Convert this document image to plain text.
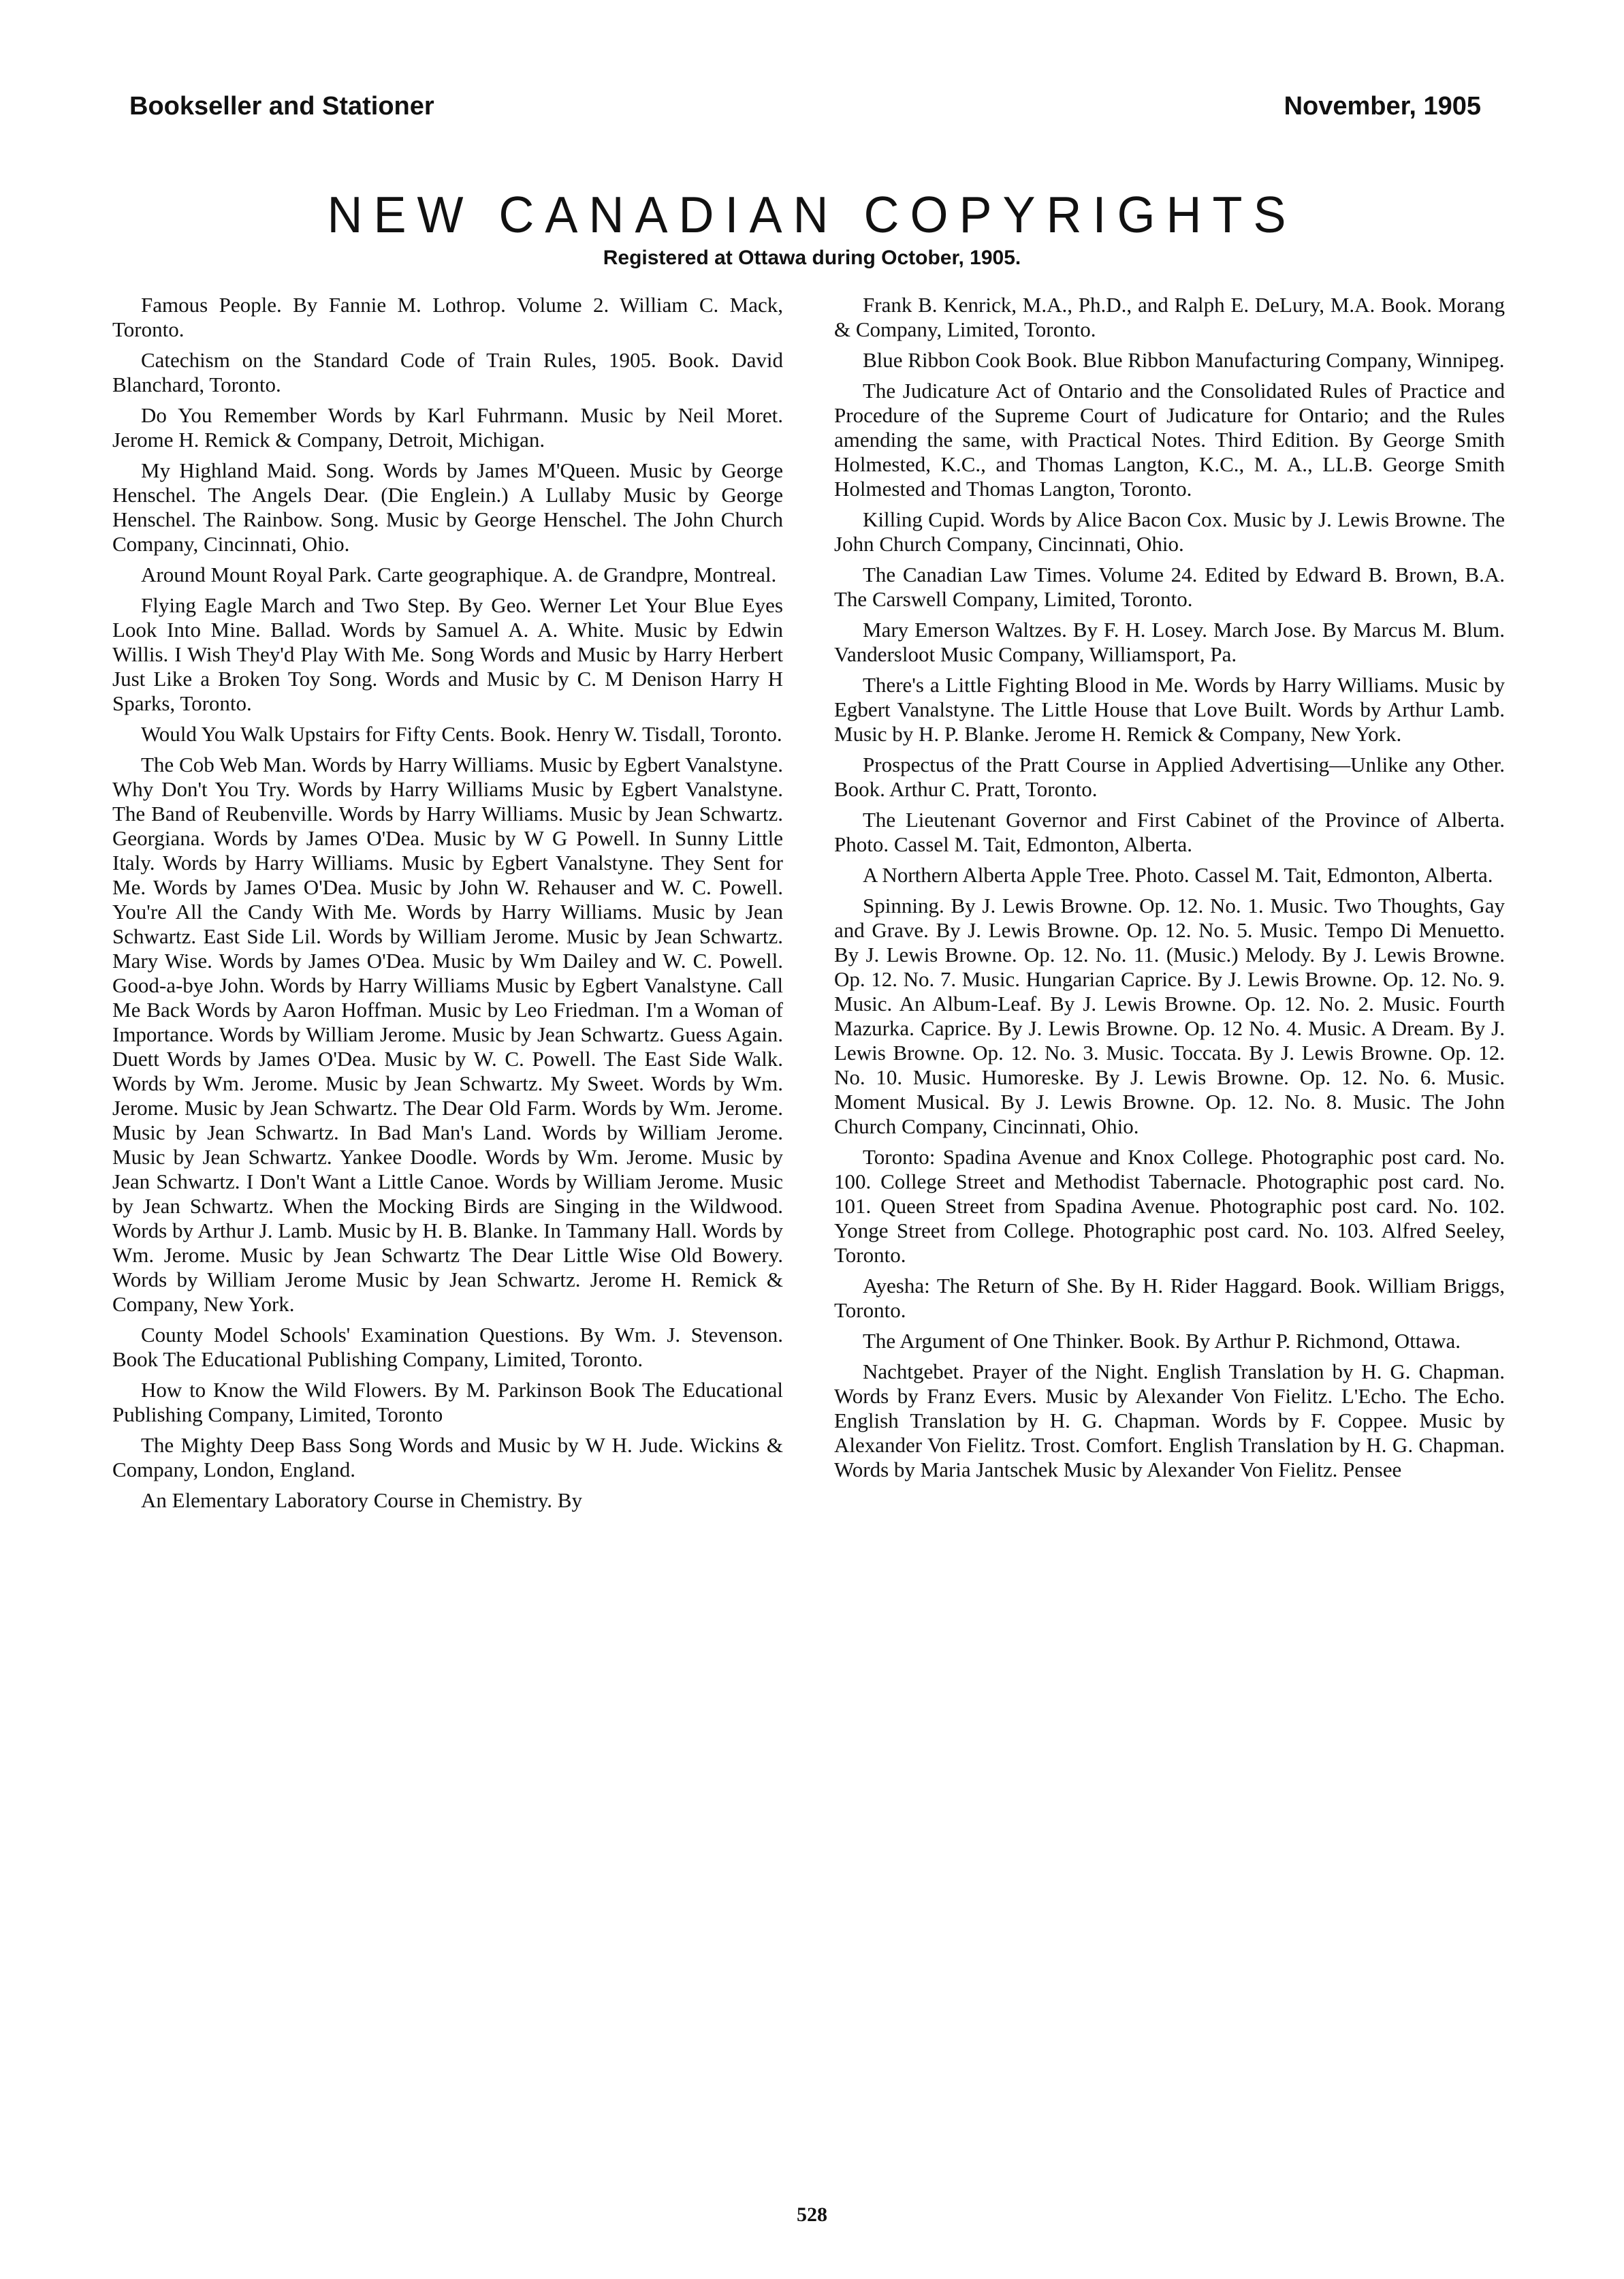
Bookseller and Stationer	November, 1905
NEW CANADIAN COPYRIGHTS
Registered at Ottawa during October, 1905.

Famous People. By Fannie M. Lothrop. Volume 2. William C. Mack, Toronto.

Catechism on the Standard Code of Train Rules, 1905. Book. David Blanchard, Toronto.

Do You Remember Words by Karl Fuhrmann. Music by Neil Moret. Jerome H. Remick & Company, Detroit, Michigan.

My Highland Maid. Song. Words by James M'Queen. Music by George Henschel. The Angels Dear. (Die Englein.) A Lullaby Music by George Henschel. The Rainbow. Song. Music by George Henschel. The John Church Company, Cincinnati, Ohio.

Around Mount Royal Park. Carte geographique. A. de Grandpre, Montreal.

Flying Eagle March and Two Step. By Geo. Werner Let Your Blue Eyes Look Into Mine. Ballad. Words by Samuel A. A. White. Music by Edwin Willis. I Wish They'd Play With Me. Song Words and Music by Harry Herbert Just Like a Broken Toy Song. Words and Music by C. M Denison Harry H Sparks, Toronto.

Would You Walk Upstairs for Fifty Cents. Book. Henry W. Tisdall, Toronto.

The Cob Web Man. Words by Harry Williams. Music by Egbert Vanalstyne. Why Don't You Try. Words by Harry Williams Music by Egbert Vanalstyne. The Band of Reubenville. Words by Harry Williams. Music by Jean Schwartz. Georgiana. Words by James O'Dea. Music by W G Powell. In Sunny Little Italy. Words by Harry Williams. Music by Egbert Vanalstyne. They Sent for Me. Words by James O'Dea. Music by John W. Rehauser and W. C. Powell. You're All the Candy With Me. Words by Harry Williams. Music by Jean Schwartz. East Side Lil. Words by William Jerome. Music by Jean Schwartz. Mary Wise. Words by James O'Dea. Music by Wm Dailey and W. C. Powell. Good-a-bye John. Words by Harry Williams Music by Egbert Vanalstyne. Call Me Back Words by Aaron Hoffman. Music by Leo Friedman. I'm a Woman of Importance. Words by William Jerome. Music by Jean Schwartz. Guess Again. Duett Words by James O'Dea. Music by W. C. Powell. The East Side Walk. Words by Wm. Jerome. Music by Jean Schwartz. My Sweet. Words by Wm. Jerome. Music by Jean Schwartz. The Dear Old Farm. Words by Wm. Jerome. Music by Jean Schwartz. In Bad Man's Land. Words by William Jerome. Music by Jean Schwartz. Yankee Doodle. Words by Wm. Jerome. Music by Jean Schwartz. I Don't Want a Little Canoe. Words by William Jerome. Music by Jean Schwartz. When the Mocking Birds are Singing in the Wildwood. Words by Arthur J. Lamb. Music by H. B. Blanke. In Tammany Hall. Words by Wm. Jerome. Music by Jean Schwartz The Dear Little Wise Old Bowery. Words by William Jerome Music by Jean Schwartz. Jerome H. Remick & Company, New York.

County Model Schools' Examination Questions. By Wm. J. Stevenson. Book The Educational Publishing Company, Limited, Toronto.

How to Know the Wild Flowers. By M. Parkinson Book The Educational Publishing Company, Limited, Toronto

The Mighty Deep Bass Song Words and Music by W H. Jude. Wickins & Company, London, England.

An Elementary Laboratory Course in Chemistry. By

Frank B. Kenrick, M.A., Ph.D., and Ralph E. DeLury, M.A. Book. Morang & Company, Limited, Toronto.

Blue Ribbon Cook Book. Blue Ribbon Manufacturing Company, Winnipeg.

The Judicature Act of Ontario and the Consolidated Rules of Practice and Procedure of the Supreme Court of Judicature for Ontario; and the Rules amending the same, with Practical Notes. Third Edition. By George Smith Holmested, K.C., and Thomas Langton, K.C., M. A., LL.B. George Smith Holmested and Thomas Langton, Toronto.

Killing Cupid. Words by Alice Bacon Cox. Music by J. Lewis Browne. The John Church Company, Cincinnati, Ohio.

The Canadian Law Times. Volume 24. Edited by Edward B. Brown, B.A. The Carswell Company, Limited, Toronto.

Mary Emerson Waltzes. By F. H. Losey. March Jose. By Marcus M. Blum. Vandersloot Music Company, Williamsport, Pa.

There's a Little Fighting Blood in Me. Words by Harry Williams. Music by Egbert Vanalstyne. The Little House that Love Built. Words by Arthur Lamb. Music by H. P. Blanke. Jerome H. Remick & Company, New York.

Prospectus of the Pratt Course in Applied Advertising—Unlike any Other. Book. Arthur C. Pratt, Toronto.

The Lieutenant Governor and First Cabinet of the Province of Alberta. Photo. Cassel M. Tait, Edmonton, Alberta.

A Northern Alberta Apple Tree. Photo. Cassel M. Tait, Edmonton, Alberta.

Spinning. By J. Lewis Browne. Op. 12. No. 1. Music. Two Thoughts, Gay and Grave. By J. Lewis Browne. Op. 12. No. 5. Music. Tempo Di Menuetto. By J. Lewis Browne. Op. 12. No. 11. (Music.) Melody. By J. Lewis Browne. Op. 12. No. 7. Music. Hungarian Caprice. By J. Lewis Browne. Op. 12. No. 9. Music. An Album-Leaf. By J. Lewis Browne. Op. 12. No. 2. Music. Fourth Mazurka. Caprice. By J. Lewis Browne. Op. 12 No. 4. Music. A Dream. By J. Lewis Browne. Op. 12. No. 3. Music. Toccata. By J. Lewis Browne. Op. 12. No. 10. Music. Humoreske. By J. Lewis Browne. Op. 12. No. 6. Music. Moment Musical. By J. Lewis Browne. Op. 12. No. 8. Music. The John Church Company, Cincinnati, Ohio.

Toronto: Spadina Avenue and Knox College. Photographic post card. No. 100. College Street and Methodist Tabernacle. Photographic post card. No. 101. Queen Street from Spadina Avenue. Photographic post card. No. 102. Yonge Street from College. Photographic post card. No. 103. Alfred Seeley, Toronto.

Ayesha: The Return of She. By H. Rider Haggard. Book. William Briggs, Toronto.

The Argument of One Thinker. Book. By Arthur P. Richmond, Ottawa.

Nachtgebet. Prayer of the Night. English Translation by H. G. Chapman. Words by Franz Evers. Music by Alexander Von Fielitz. L'Echo. The Echo. English Translation by H. G. Chapman. Words by F. Coppee. Music by Alexander Von Fielitz. Trost. Comfort. English Translation by H. G. Chapman. Words by Maria Jantschek Music by Alexander Von Fielitz. Pensee

528
